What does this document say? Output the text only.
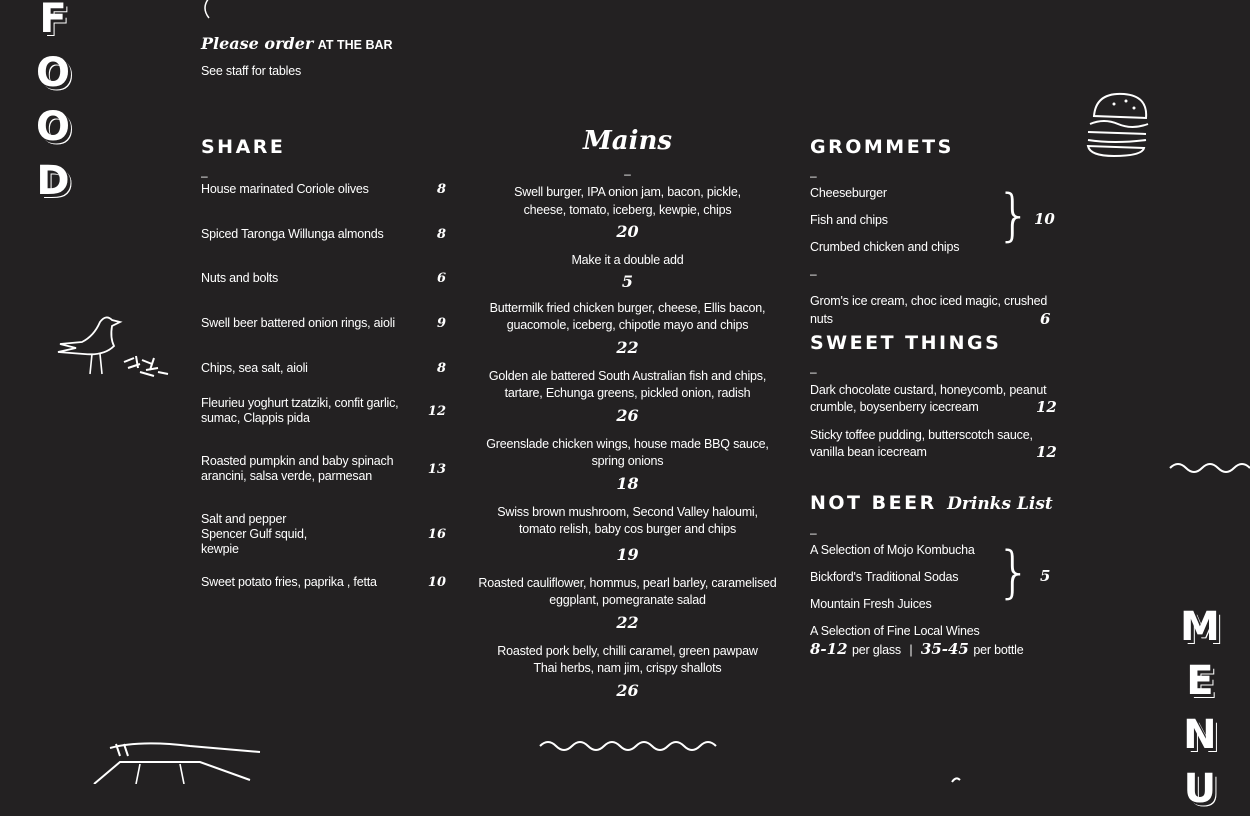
F
O
O
D
M
E
N
U
Please order AT THE BAR
See staff for tables
SHARE
–
House marinated Coriole olives	8
Spiced Taronga Willunga almonds	8
Nuts and bolts	6
Swell beer battered onion rings, aioli	9
Chips, sea salt, aioli	8
Fleurieu yoghurt tzatziki, confit garlic, sumac, Clappis pida	12
Roasted pumpkin and baby spinach arancini, salsa verde, parmesan	13
Salt and pepper Spencer Gulf squid, kewpie
16
Sweet potato fries, paprika , fetta	10
Mains
–
Swell burger, IPA onion jam, bacon, pickle,
cheese, tomato, iceberg, kewpie, chips
20
Make it a double add
5
Buttermilk fried chicken burger, cheese, Ellis bacon,
guacomole, iceberg, chipotle mayo and chips
22
Golden ale battered South Australian fish and chips,
tartare, Echunga greens, pickled onion, radish
26
Greenslade chicken wings, house made BBQ sauce,
spring onions
18
Swiss brown mushroom, Second Valley haloumi,
tomato relish, baby cos burger and chips
19
Roasted cauliflower, hommus, pearl barley, caramelised
eggplant, pomegranate salad
22
Roasted pork belly, chilli caramel, green pawpaw
Thai herbs, nam jim, crispy shallots
26
GROMMETS
–
Cheeseburger
Fish and chips
Crumbed chicken and chips } 10
–
Grom's ice cream, choc iced magic, crushed
nuts	6
SWEET THINGS
–
Dark chocolate custard, honeycomb, peanut
crumble, boysenberry icecream	12
Sticky toffee pudding, butterscotch sauce,
vanilla bean icecream	12
NOT BEER Drinks List
–
A Selection of Mojo Kombucha
Bickford's Traditional Sodas
Mountain Fresh Juices } 5
A Selection of Fine Local Wines
8-12 per glass | 35-45 per bottle
